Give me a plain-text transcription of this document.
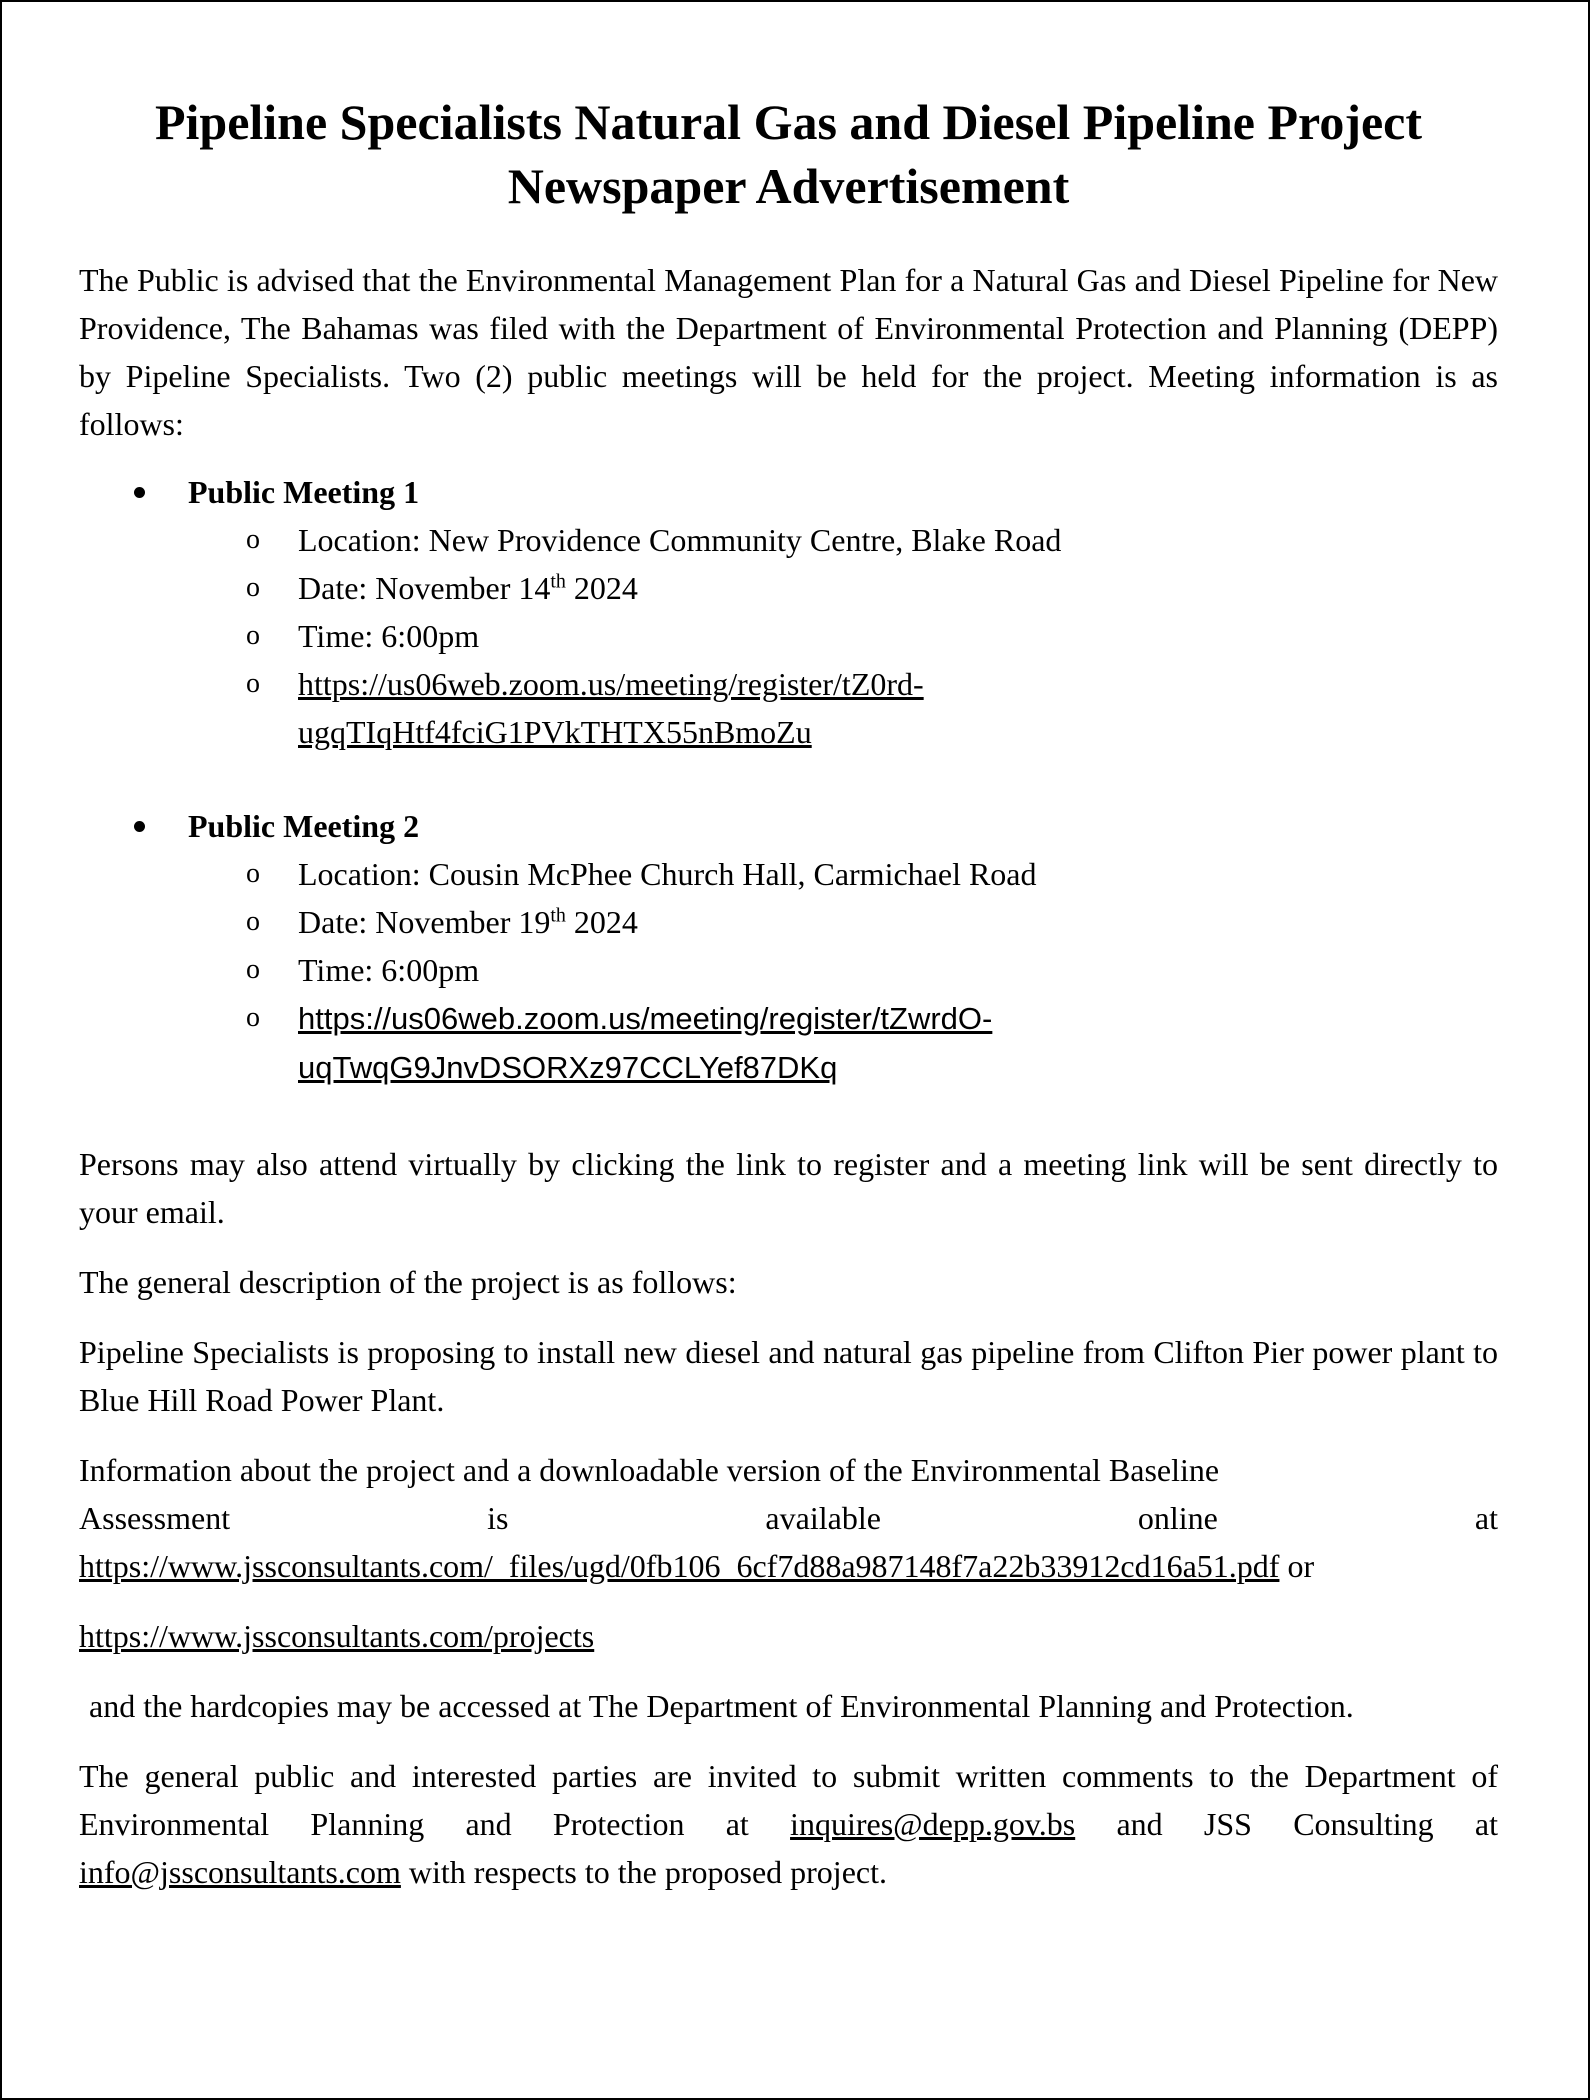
Pipeline Specialists Natural Gas and Diesel Pipeline Project
Newspaper Advertisement

The Public is advised that the Environmental Management Plan for a Natural Gas and Diesel Pipeline for New Providence, The Bahamas was filed with the Department of Environmental Protection and Planning (DEPP) by Pipeline Specialists. Two (2) public meetings will be held for the project. Meeting information is as follows:

Public Meeting 1
o Location: New Providence Community Centre, Blake Road
o Date: November 14th 2024
o Time: 6:00pm
o https://us06web.zoom.us/meeting/register/tZ0rd-
ugqTIqHtf4fciG1PVkTHTX55nBmoZu
Public Meeting 2
o Location: Cousin McPhee Church Hall, Carmichael Road
o Date: November 19th 2024
o Time: 6:00pm
o https://us06web.zoom.us/meeting/register/tZwrdO-
uqTwqG9JnvDSORXz97CCLYef87DKq

Persons may also attend virtually by clicking the link to register and a meeting link will be sent directly to your email.

The general description of the project is as follows:

Pipeline Specialists is proposing to install new diesel and natural gas pipeline from Clifton Pier power plant to Blue Hill Road Power Plant.

Information about the project and a downloadable version of the Environmental Baseline
Assessment	is	available	online	at
https://www.jssconsultants.com/_files/ugd/0fb106_6cf7d88a987148f7a22b33912cd16a51.pdf or

https://www.jssconsultants.com/projects

and the hardcopies may be accessed at The Department of Environmental Planning and Protection.

The general public and interested parties are invited to submit written comments to the Department of Environmental Planning and Protection at inquires@depp.gov.bs and JSS Consulting at info@jssconsultants.com with respects to the proposed project.
